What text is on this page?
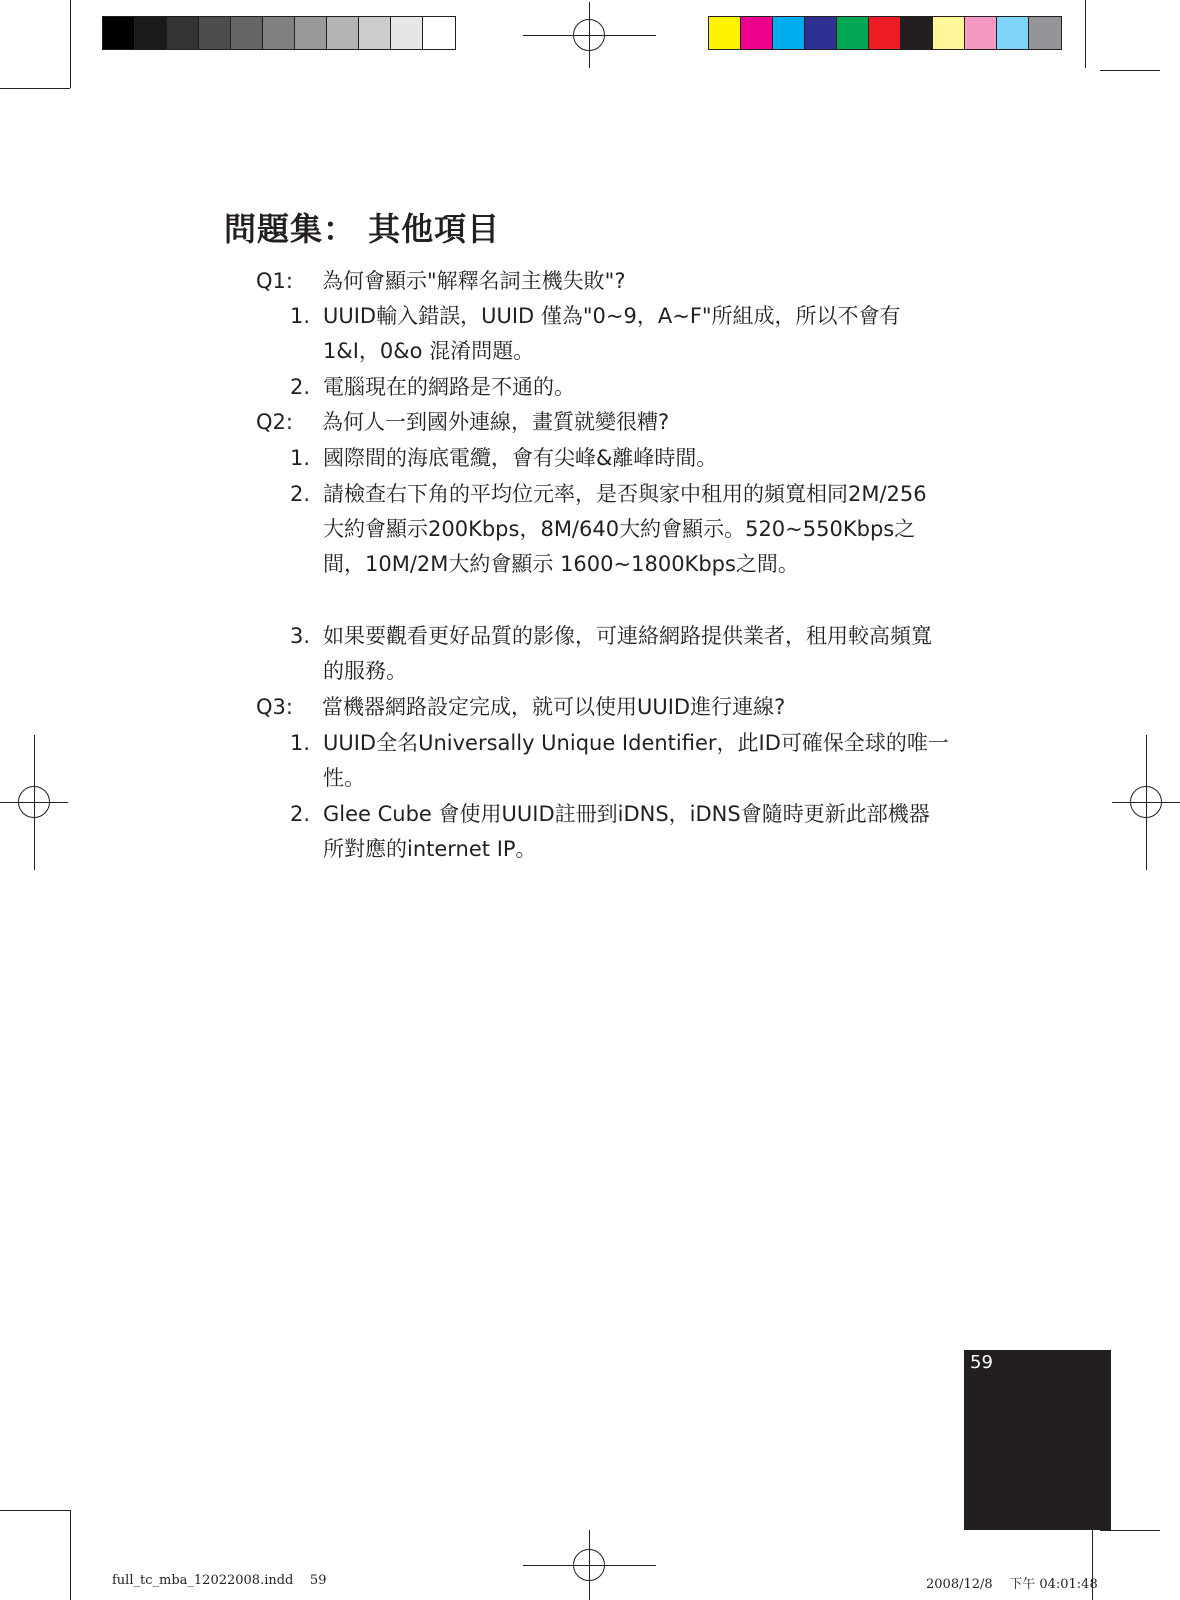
問題集： 其他項目
Q1: 為何會顯示"解釋名詞主機失敗"?
1. UUID輸入錯誤，UUID 僅為"0~9，A~F"所組成，所以不會有1&I，0&o 混淆問題。
2. 電腦現在的網路是不通的。
Q2: 為何人一到國外連線，畫質就變很糟?
1. 國際間的海底電纜，會有尖峰&離峰時間。
2. 請檢查右下角的平均位元率，是否與家中租用的頻寬相同2M/256大約會顯示200Kbps，8M/640大約會顯示。520~550Kbps之間，10M/2M大約會顯示 1600~1800Kbps之間。
3. 如果要觀看更好品質的影像，可連絡網路提供業者，租用較高頻寬的服務。
Q3: 當機器網路設定完成，就可以使用UUID進行連線?
1. UUID全名Universally Unique Identifier，此ID可確保全球的唯一性。
2. Glee Cube 會使用UUID註冊到iDNS，iDNS會隨時更新此部機器所對應的internet IP。
59
full_tc_mba_12022008.indd 59	2008/12/8 下午 04:01:48
